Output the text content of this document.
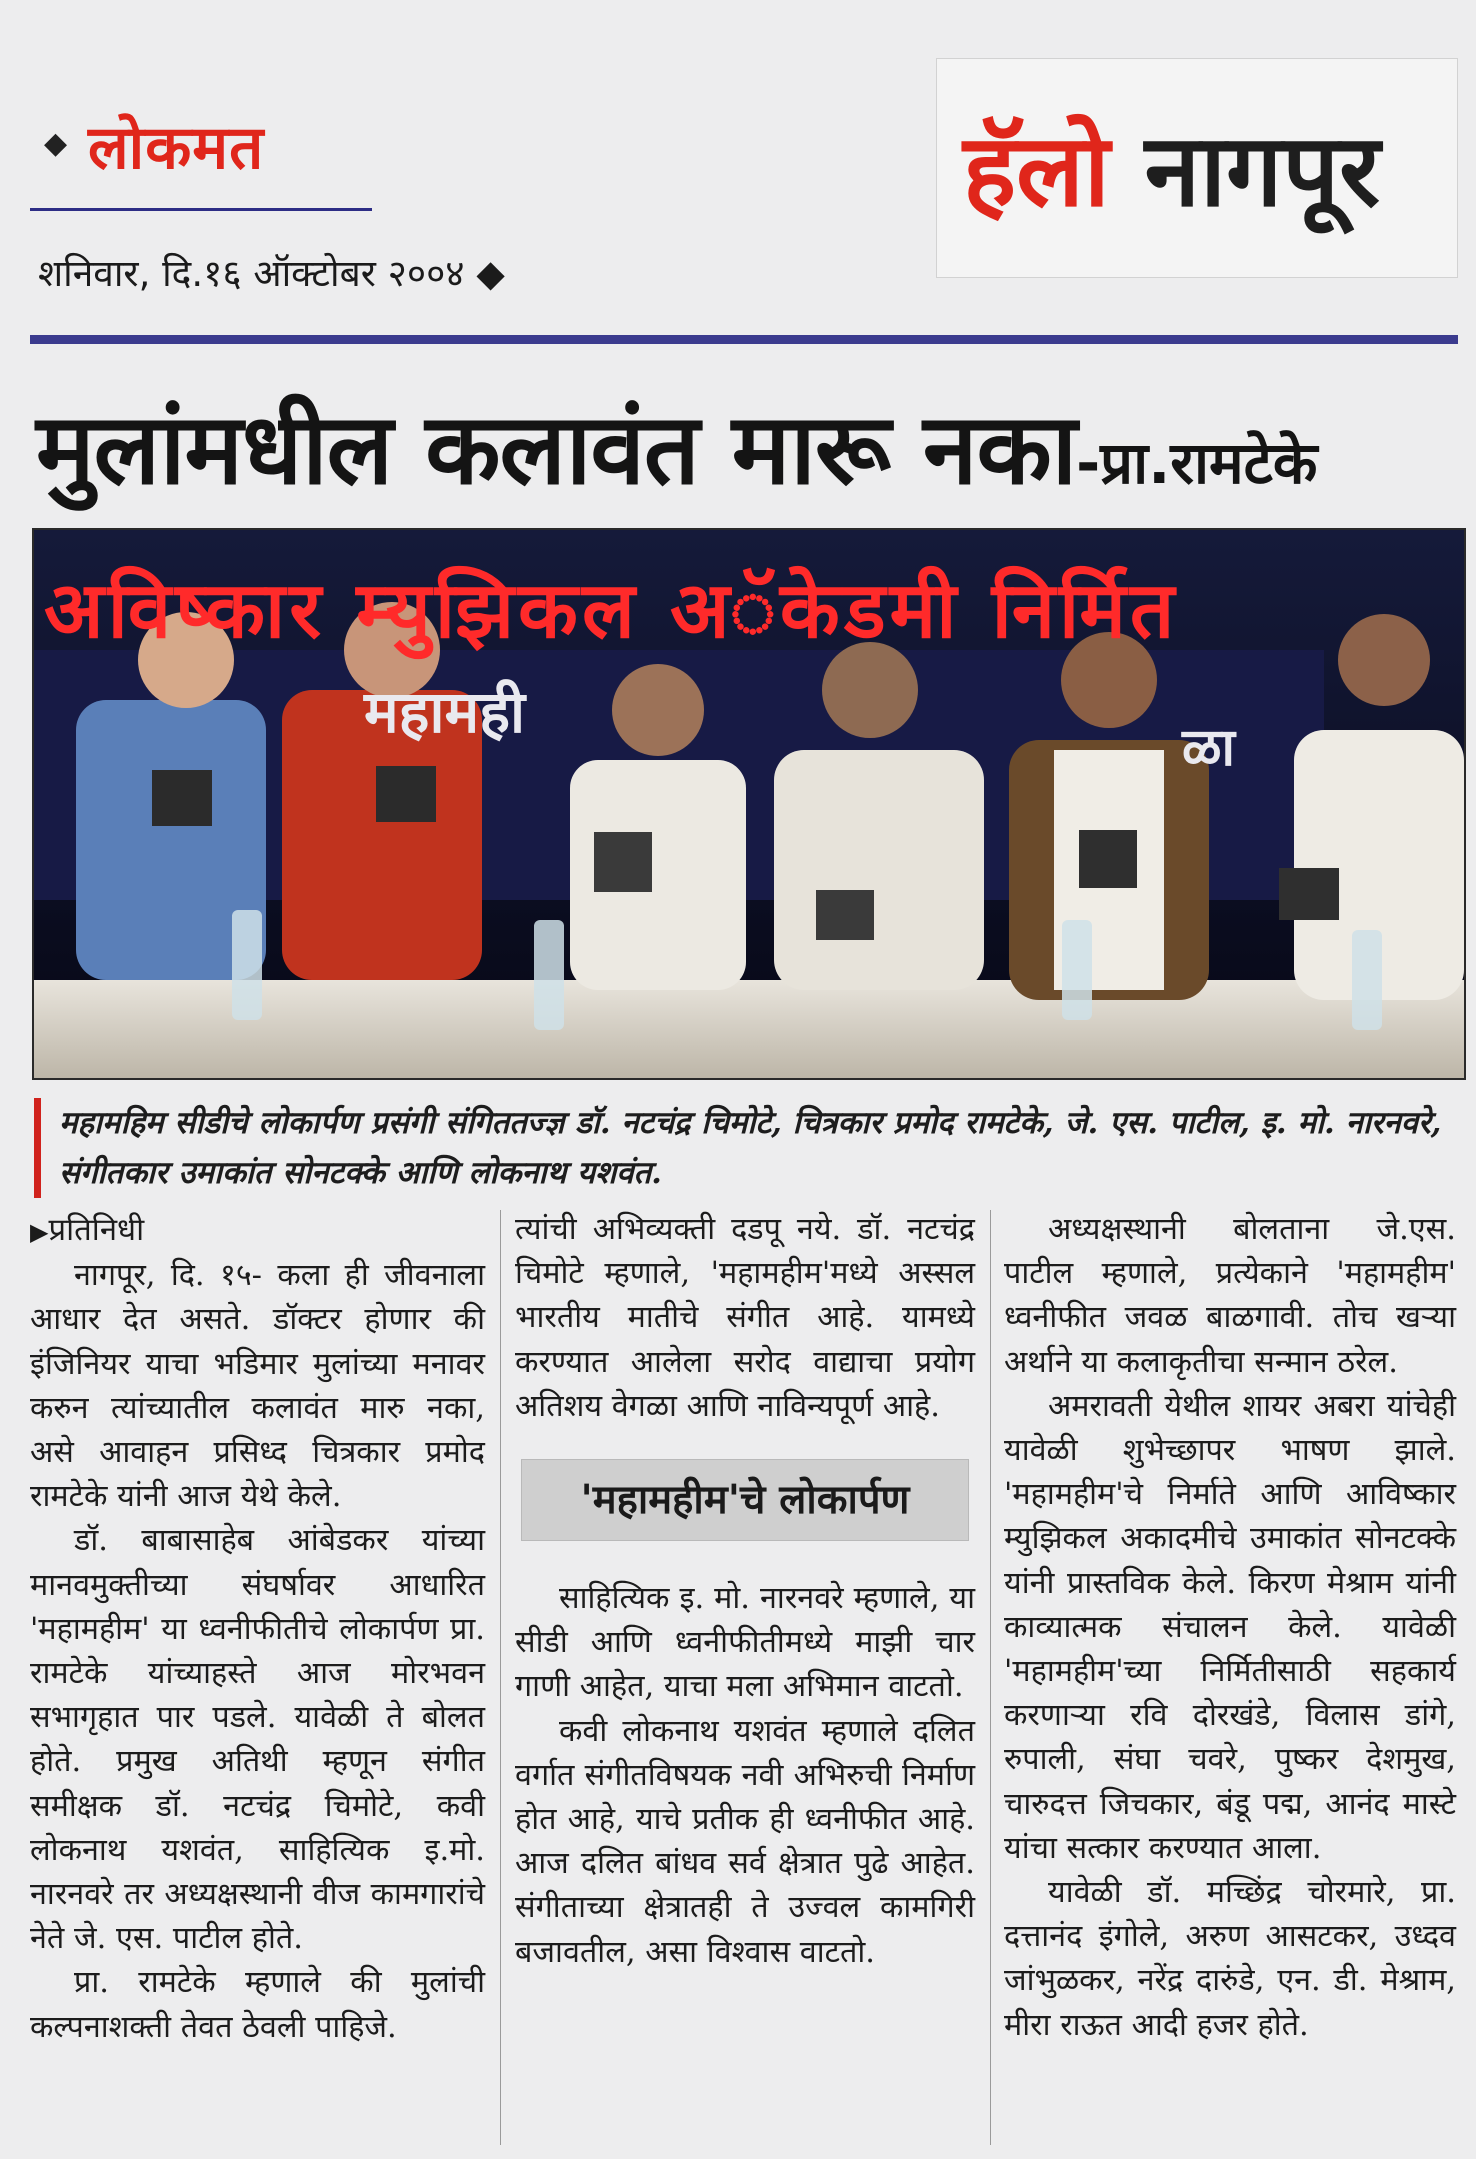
◆ लोकमत
शनिवार, दि.१६ ऑक्टोबर २००४ ◆
हॅलो नागपूर
मुलांमधील कलावंत मारू नका-प्रा.रामटेके
अविष्कार म्युझिकल अॅकेडमी निर्मित
महामही
ळा
महामहिम सीडीचे लोकार्पण प्रसंगी संगिततज्ज्ञ डॉ. नटचंद्र चिमोटे, चित्रकार प्रमोद रामटेके, जे. एस. पाटील, इ. मो. नारनवरे, संगीतकार उमाकांत सोनटक्के आणि लोकनाथ यशवंत.

▶प्रतिनिधी

नागपूर, दि. १५- कला ही जीवनाला आधार देत असते. डॉक्टर होणार की इंजिनियर याचा भडिमार मुलांच्या मनावर करुन त्यांच्यातील कलावंत मारु नका, असे आवाहन प्रसिध्द चित्रकार प्रमोद रामटेके यांनी आज येथे केले.

डॉ. बाबासाहेब आंबेडकर यांच्या मानवमुक्तीच्या संघर्षावर आधारित 'महामहीम' या ध्वनीफीतीचे लोकार्पण प्रा. रामटेके यांच्याहस्ते आज मोरभवन सभागृहात पार पडले. यावेळी ते बोलत होते. प्रमुख अतिथी म्हणून संगीत समीक्षक डॉ. नटचंद्र चिमोटे, कवी लोकनाथ यशवंत, साहित्यिक इ.मो. नारनवरे तर अध्यक्षस्थानी वीज कामगारांचे नेते जे. एस. पाटील होते.

प्रा. रामटेके म्हणाले की मुलांची कल्पनाशक्ती तेवत ठेवली पाहिजे.

त्यांची अभिव्यक्ती दडपू नये. डॉ. नटचंद्र चिमोटे म्हणाले, 'महामहीम'मध्ये अस्सल भारतीय मातीचे संगीत आहे. यामध्ये करण्यात आलेला सरोद वाद्याचा प्रयोग अतिशय वेगळा आणि नाविन्यपूर्ण आहे.

'महामहीम'चे लोकार्पण

साहित्यिक इ. मो. नारनवरे म्हणाले, या सीडी आणि ध्वनीफीतीमध्ये माझी चार गाणी आहेत, याचा मला अभिमान वाटतो.

कवी लोकनाथ यशवंत म्हणाले दलित वर्गात संगीतविषयक नवी अभिरुची निर्माण होत आहे, याचे प्रतीक ही ध्वनीफीत आहे. आज दलित बांधव सर्व क्षेत्रात पुढे आहेत. संगीताच्या क्षेत्रातही ते उज्वल कामगिरी बजावतील, असा विश्वास वाटतो.

अध्यक्षस्थानी बोलताना जे.एस. पाटील म्हणाले, प्रत्येकाने 'महामहीम' ध्वनीफीत जवळ बाळगावी. तोच खऱ्या अर्थाने या कलाकृतीचा सन्मान ठरेल.

अमरावती येथील शायर अबरा यांचेही यावेळी शुभेच्छापर भाषण झाले. 'महामहीम'चे निर्माते आणि आविष्कार म्युझिकल अकादमीचे उमाकांत सोनटक्के यांनी प्रास्तविक केले. किरण मेश्राम यांनी काव्यात्मक संचालन केले. यावेळी 'महामहीम'च्या निर्मितीसाठी सहकार्य करणाऱ्या रवि दोरखंडे, विलास डांगे, रुपाली, संघा चवरे, पुष्कर देशमुख, चारुदत्त जिचकार, बंडू पद्म, आनंद मास्टे यांचा सत्कार करण्यात आला.

यावेळी डॉ. मच्छिंद्र चोरमारे, प्रा. दत्तानंद इंगोले, अरुण आसटकर, उध्दव जांभुळकर, नरेंद्र दारुंडे, एन. डी. मेश्राम, मीरा राऊत आदी हजर होते.
